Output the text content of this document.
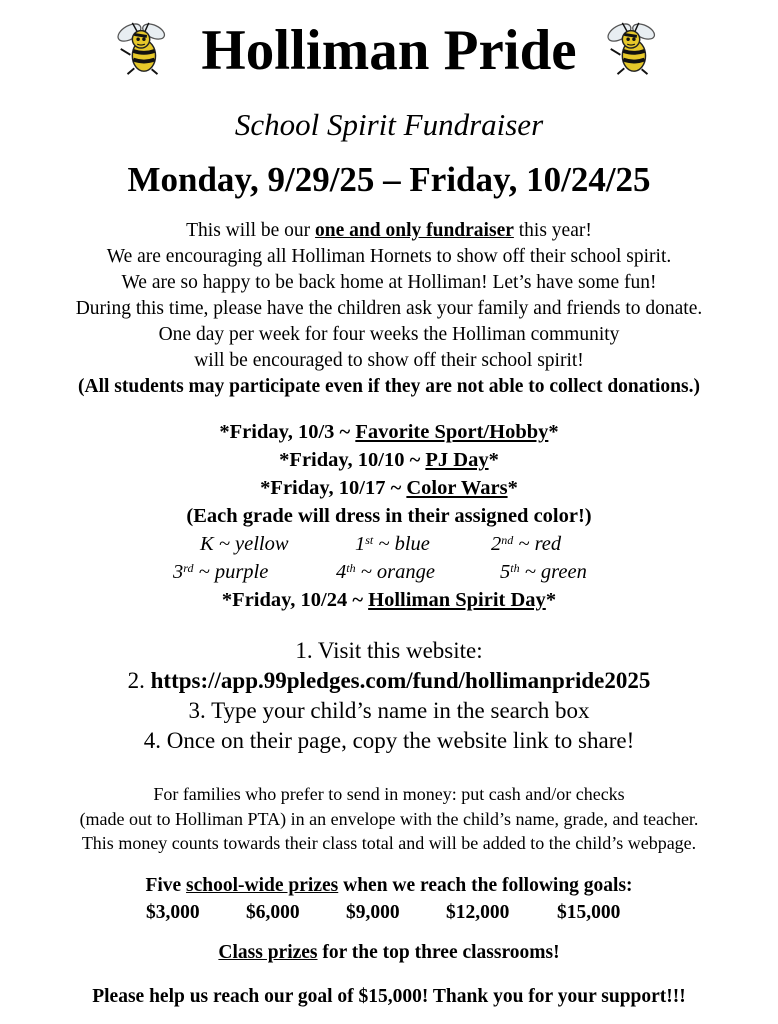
Holliman Pride
School Spirit Fundraiser
Monday, 9/29/25 – Friday, 10/24/25
This will be our one and only fundraiser this year!
We are encouraging all Holliman Hornets to show off their school spirit.
We are so happy to be back home at Holliman! Let’s have some fun!
During this time, please have the children ask your family and friends to donate.
One day per week for four weeks the Holliman community
will be encouraged to show off their school spirit!
(All students may participate even if they are not able to collect donations.)
*Friday, 10/3 ~ Favorite Sport/Hobby*
*Friday, 10/10 ~ PJ Day*
*Friday, 10/17 ~ Color Wars*
(Each grade will dress in their assigned color!)
K ~ yellow	1st ~ blue	2nd ~ red
3rd ~ purple	4th ~ orange	5th ~ green
*Friday, 10/24 ~ Holliman Spirit Day*
1. Visit this website:
2. https://app.99pledges.com/fund/hollimanpride2025
3. Type your child’s name in the search box
4. Once on their page, copy the website link to share!
For families who prefer to send in money: put cash and/or checks
(made out to Holliman PTA) in an envelope with the child’s name, grade, and teacher.
This money counts towards their class total and will be added to the child’s webpage.
Five school-wide prizes when we reach the following goals:
$3,000 $6,000 $9,000 $12,000 $15,000
Class prizes for the top three classrooms!
Please help us reach our goal of $15,000! Thank you for your support!!!
